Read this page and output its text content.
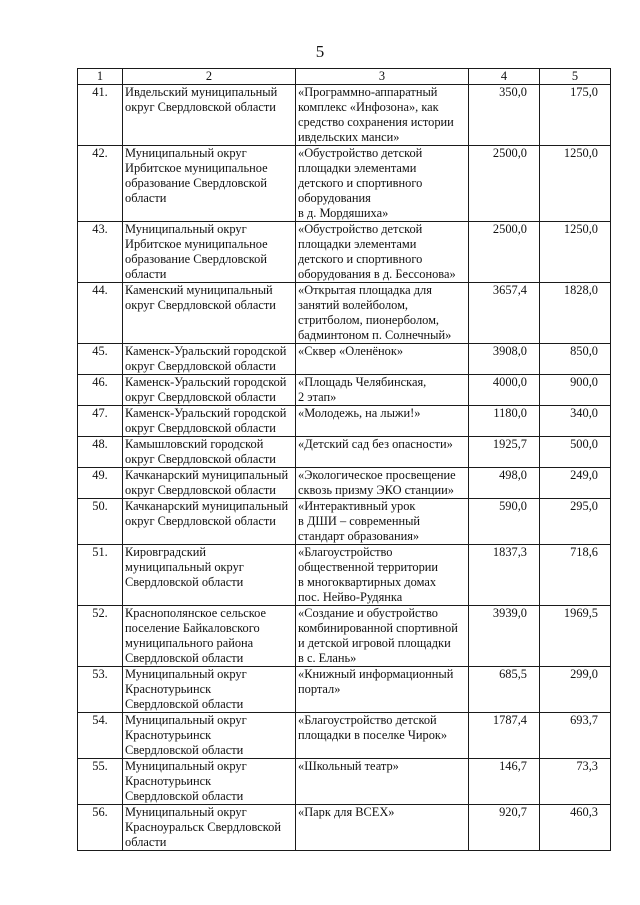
5
1	2	3	4	5
41.	Ивдельский муниципальный
округ Свердловской области	«Программно-аппаратный
комплекс «Инфозона», как
средство сохранения истории
ивдельских манси»	350,0	175,0
42.	Муниципальный округ
Ирбитское муниципальное
образование Свердловской
области	«Обустройство детской
площадки элементами
детского и спортивного
оборудования
в д. Мордяшиха»	2500,0	1250,0
43.	Муниципальный округ
Ирбитское муниципальное
образование Свердловской
области	«Обустройство детской
площадки элементами
детского и спортивного
оборудования в д. Бессонова»	2500,0	1250,0
44.	Каменский муниципальный
округ Свердловской области	«Открытая площадка для
занятий волейболом,
стритболом, пионерболом,
бадминтоном п. Солнечный»	3657,4	1828,0
45.	Каменск-Уральский городской
округ Свердловской области	«Сквер «Оленёнок»	3908,0	850,0
46.	Каменск-Уральский городской
округ Свердловской области	«Площадь Челябинская,
2 этап»	4000,0	900,0
47.	Каменск-Уральский городской
округ Свердловской области	«Молодежь, на лыжи!»	1180,0	340,0
48.	Камышловский городской
округ Свердловской области	«Детский сад без опасности»	1925,7	500,0
49.	Качканарский муниципальный
округ Свердловской области	«Экологическое просвещение
сквозь призму ЭКО станции»	498,0	249,0
50.	Качканарский муниципальный
округ Свердловской области	«Интерактивный урок
в ДШИ – современный
стандарт образования»	590,0	295,0
51.	Кировградский
муниципальный округ
Свердловской области	«Благоустройство
общественной территории
в многоквартирных домах
пос. Нейво-Рудянка	1837,3	718,6
52.	Краснополянское сельское
поселение Байкаловского
муниципального района
Свердловской области	«Создание и обустройство
комбинированной спортивной
и детской игровой площадки
в с. Елань»	3939,0	1969,5
53.	Муниципальный округ
Краснотурьинск
Свердловской области	«Книжный информационный
портал»	685,5	299,0
54.	Муниципальный округ
Краснотурьинск
Свердловской области	«Благоустройство детской
площадки в поселке Чирок»	1787,4	693,7
55.	Муниципальный округ
Краснотурьинск
Свердловской области	«Школьный театр»	146,7	73,3
56.	Муниципальный округ
Красноуральск Свердловской
области	«Парк для ВСЕХ»	920,7	460,3
